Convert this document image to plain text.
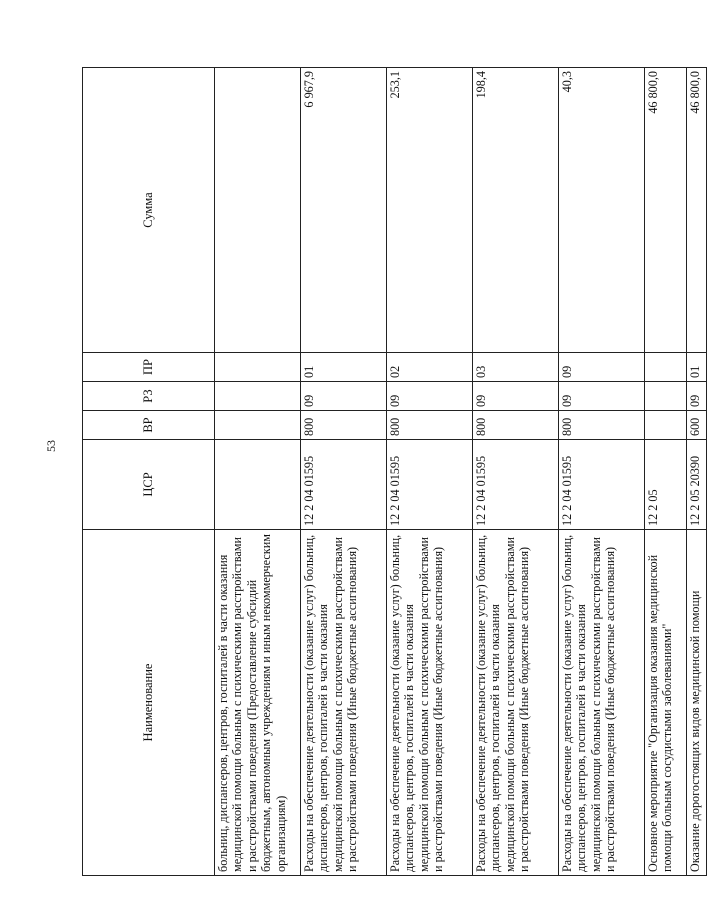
53
Наименование	ЦСР	ВР	РЗ	ПР	Сумма
больниц, диспансеров, центров, госпиталей в части оказания медицинской помощи больным с психическими расстройствами и расстройствами поведения (Предоставление субсидий бюджетным, автономным учреждениям и иным некоммерческим организациям)					
Расходы на обеспечение деятельности (оказание услуг) больниц, диспансеров, центров, госпиталей в части оказания медицинской помощи больным с психическими расстройствами и расстройствами поведения (Иные бюджетные ассигнования)	12 2 04 01595	800	09	01	6 967,9
Расходы на обеспечение деятельности (оказание услуг) больниц, диспансеров, центров, госпиталей в части оказания медицинской помощи больным с психическими расстройствами и расстройствами поведения (Иные бюджетные ассигнования)	12 2 04 01595	800	09	02	253,1
Расходы на обеспечение деятельности (оказание услуг) больниц, диспансеров, центров, госпиталей в части оказания медицинской помощи больным с психическими расстройствами и расстройствами поведения (Иные бюджетные ассигнования)	12 2 04 01595	800	09	03	198,4
Расходы на обеспечение деятельности (оказание услуг) больниц, диспансеров, центров, госпиталей в части оказания медицинской помощи больным с психическими расстройствами и расстройствами поведения (Иные бюджетные ассигнования)	12 2 04 01595	800	09	09	40,3
Основное мероприятие "Организация оказания медицинской помощи больным сосудистыми заболеваниями"	12 2 05				46 800,0
Оказание дорогостоящих видов медицинской помощи	12 2 05 20390	600	09	01	46 800,0
